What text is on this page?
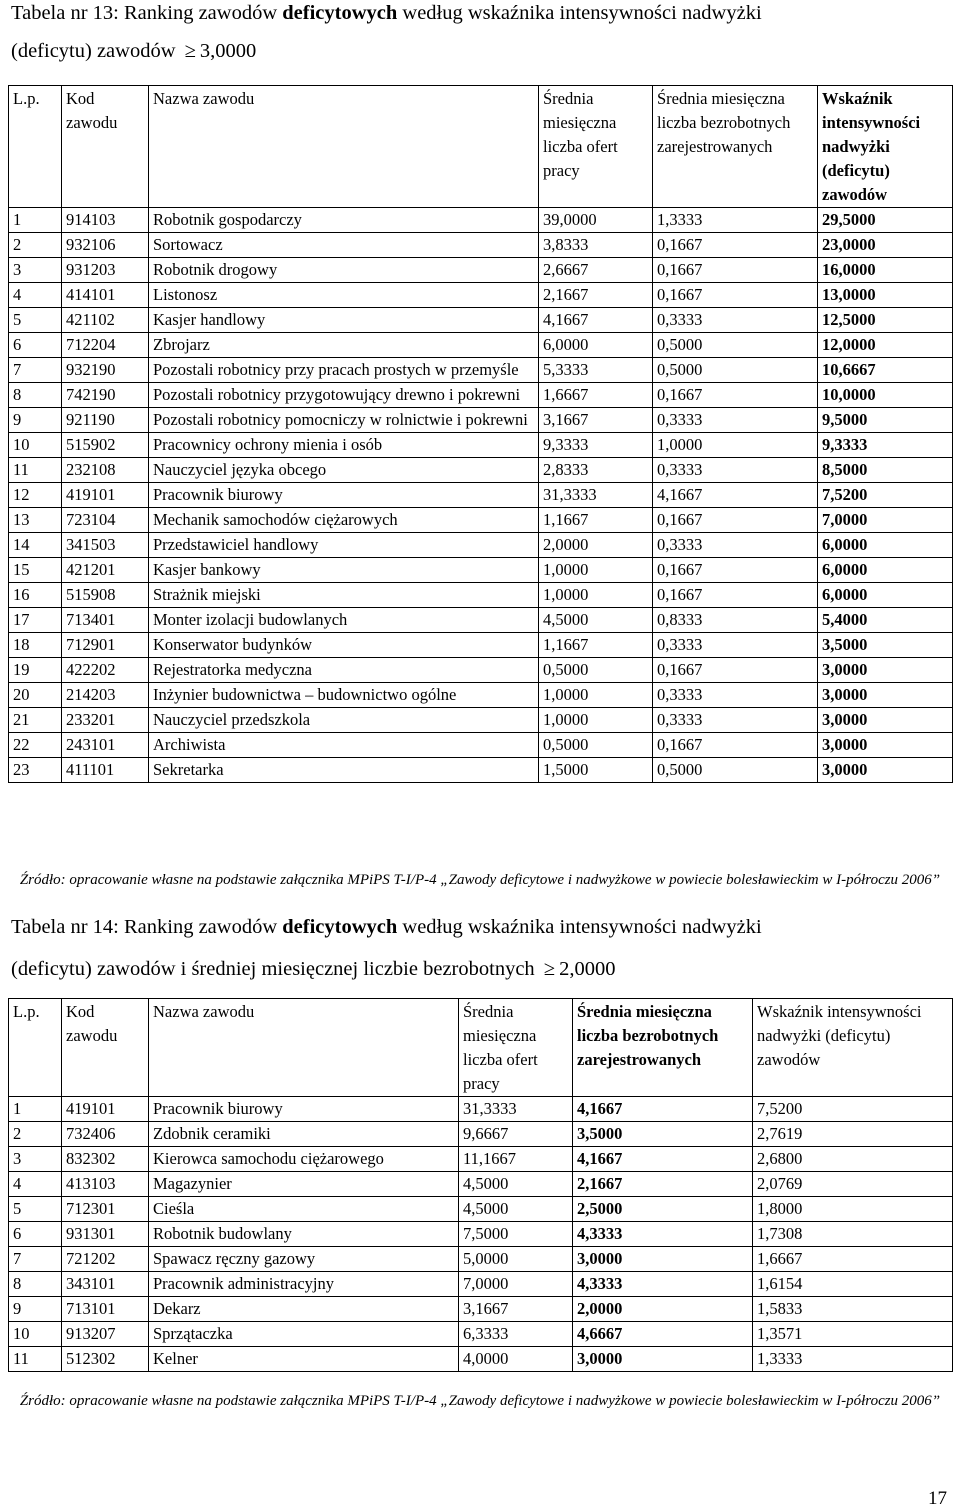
Tabela nr 13: Ranking zawodów deficytowych według wskaźnika intensywności nadwyżki

(deficytu) zawodów ≥ 3,0000

L.p.	Kod zawodu	Nazwa zawodu	Średnia miesięczna liczba ofert pracy	Średnia miesięczna liczba bezrobotnych zarejestrowanych	Wskaźnik intensywności nadwyżki (deficytu) zawodów
1	914103	Robotnik gospodarczy	39,0000	1,3333	29,5000
2	932106	Sortowacz	3,8333	0,1667	23,0000
3	931203	Robotnik drogowy	2,6667	0,1667	16,0000
4	414101	Listonosz	2,1667	0,1667	13,0000
5	421102	Kasjer handlowy	4,1667	0,3333	12,5000
6	712204	Zbrojarz	6,0000	0,5000	12,0000
7	932190	Pozostali robotnicy przy pracach prostych w przemyśle	5,3333	0,5000	10,6667
8	742190	Pozostali robotnicy przygotowujący drewno i pokrewni	1,6667	0,1667	10,0000
9	921190	Pozostali robotnicy pomocniczy w rolnictwie i pokrewni	3,1667	0,3333	9,5000
10	515902	Pracownicy ochrony mienia i osób	9,3333	1,0000	9,3333
11	232108	Nauczyciel języka obcego	2,8333	0,3333	8,5000
12	419101	Pracownik biurowy	31,3333	4,1667	7,5200
13	723104	Mechanik samochodów ciężarowych	1,1667	0,1667	7,0000
14	341503	Przedstawiciel handlowy	2,0000	0,3333	6,0000
15	421201	Kasjer bankowy	1,0000	0,1667	6,0000
16	515908	Strażnik miejski	1,0000	0,1667	6,0000
17	713401	Monter izolacji budowlanych	4,5000	0,8333	5,4000
18	712901	Konserwator budynków	1,1667	0,3333	3,5000
19	422202	Rejestratorka medyczna	0,5000	0,1667	3,0000
20	214203	Inżynier budownictwa – budownictwo ogólne	1,0000	0,3333	3,0000
21	233201	Nauczyciel przedszkola	1,0000	0,3333	3,0000
22	243101	Archiwista	0,5000	0,1667	3,0000
23	411101	Sekretarka	1,5000	0,5000	3,0000

Źródło: opracowanie własne na podstawie załącznika MPiPS T-I/P-4 „Zawody deficytowe i nadwyżkowe w powiecie bolesławieckim w I-półroczu 2006”

Tabela nr 14: Ranking zawodów deficytowych według wskaźnika intensywności nadwyżki

(deficytu) zawodów i średniej miesięcznej liczbie bezrobotnych ≥ 2,0000

L.p.	Kod zawodu	Nazwa zawodu	Średnia miesięczna liczba ofert pracy	Średnia miesięczna liczba bezrobotnych zarejestrowanych	Wskaźnik intensywności nadwyżki (deficytu) zawodów
1	419101	Pracownik biurowy	31,3333	4,1667	7,5200
2	732406	Zdobnik ceramiki	9,6667	3,5000	2,7619
3	832302	Kierowca samochodu ciężarowego	11,1667	4,1667	2,6800
4	413103	Magazynier	4,5000	2,1667	2,0769
5	712301	Cieśla	4,5000	2,5000	1,8000
6	931301	Robotnik budowlany	7,5000	4,3333	1,7308
7	721202	Spawacz ręczny gazowy	5,0000	3,0000	1,6667
8	343101	Pracownik administracyjny	7,0000	4,3333	1,6154
9	713101	Dekarz	3,1667	2,0000	1,5833
10	913207	Sprzątaczka	6,3333	4,6667	1,3571
11	512302	Kelner	4,0000	3,0000	1,3333

Źródło: opracowanie własne na podstawie załącznika MPiPS T-I/P-4 „Zawody deficytowe i nadwyżkowe w powiecie bolesławieckim w I-półroczu 2006”

17
